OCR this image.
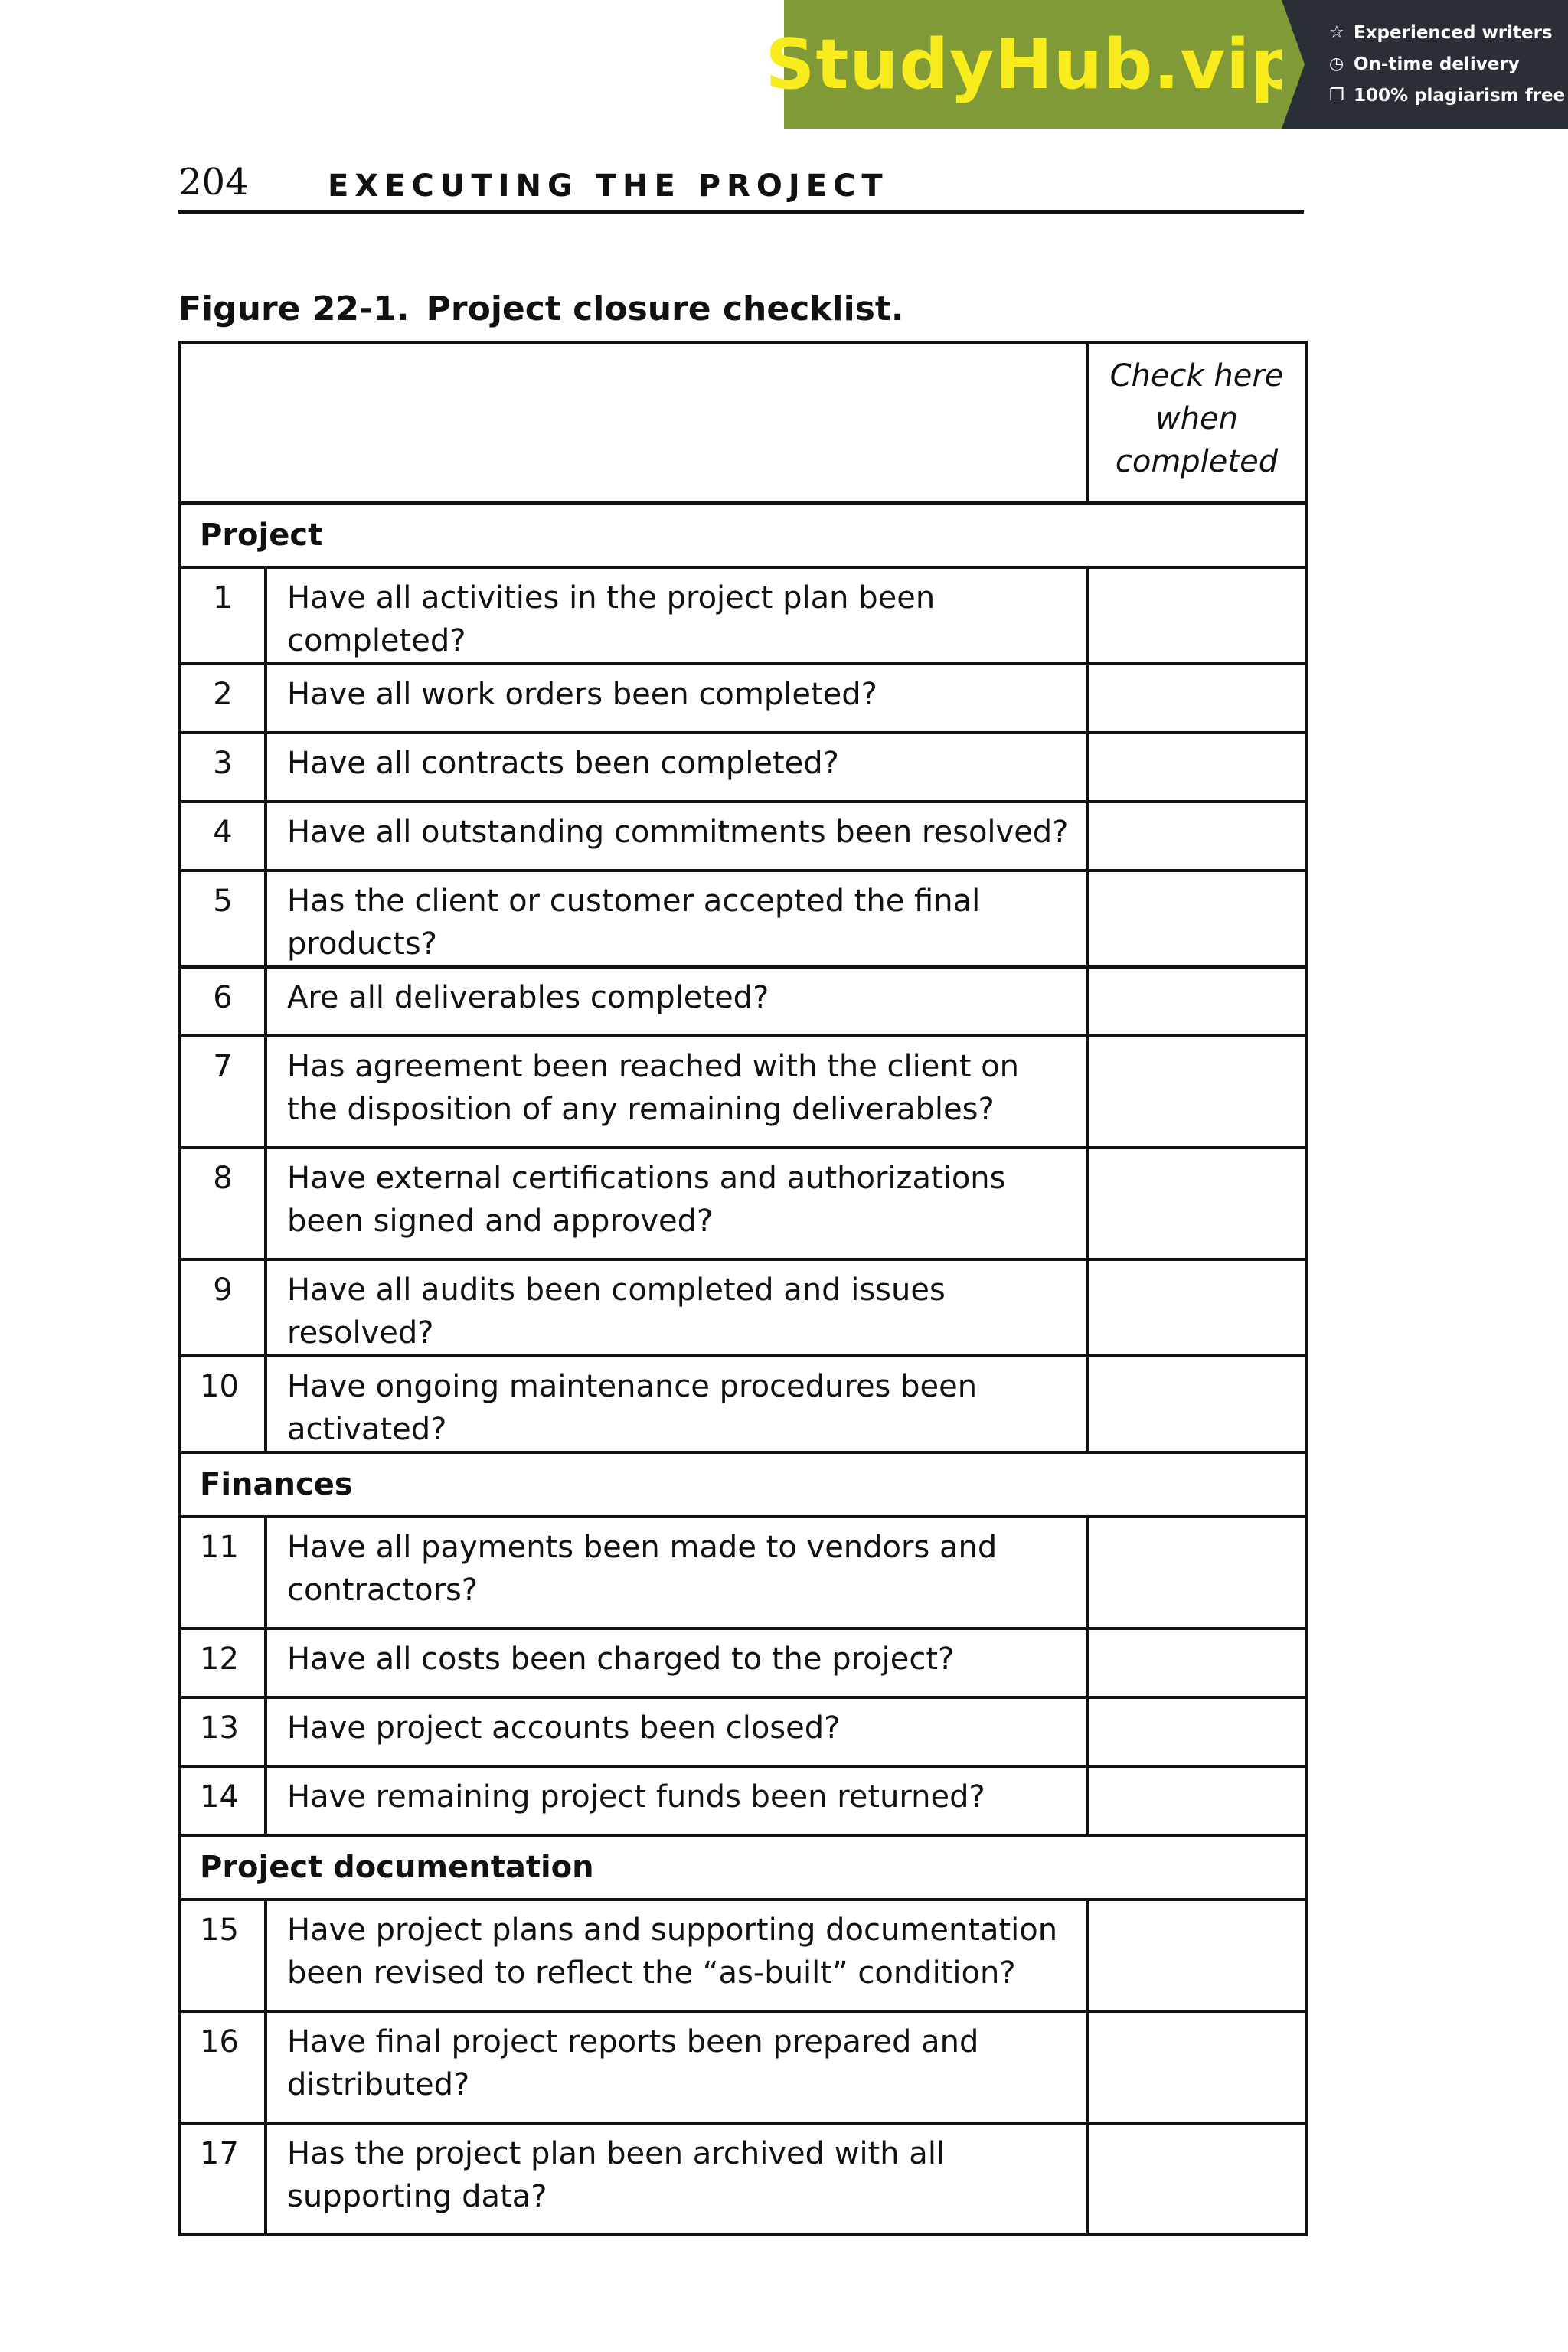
StudyHub.vip ☆ Experienced writers
◷ On-time delivery
❐ 100% plagiarism free
204	EXECUTING THE PROJECT
Figure 22-1. Project closure checklist.

		Check here
when
completed

Project		
1	Have all activities in the project plan been completed?	
2	Have all work orders been completed?	
3	Have all contracts been completed?	
4	Have all outstanding commitments been resolved?	
5	Has the client or customer accepted the final products?	
6	Are all deliverables completed?	
7	Has agreement been reached with the client on the disposition of any remaining deliverables?	
8	Have external certifications and authorizations been signed and approved?	
9	Have all audits been completed and issues resolved?	
10	Have ongoing maintenance procedures been activated?	
Finances		
11	Have all payments been made to vendors and contractors?	
12	Have all costs been charged to the project?	
13	Have project accounts been closed?	
14	Have remaining project funds been returned?	
Project documentation		
15	Have project plans and supporting documentation been revised to reflect the “as-built” condition?	
16	Have final project reports been prepared and distributed?	
17	Has the project plan been archived with all supporting data?	
